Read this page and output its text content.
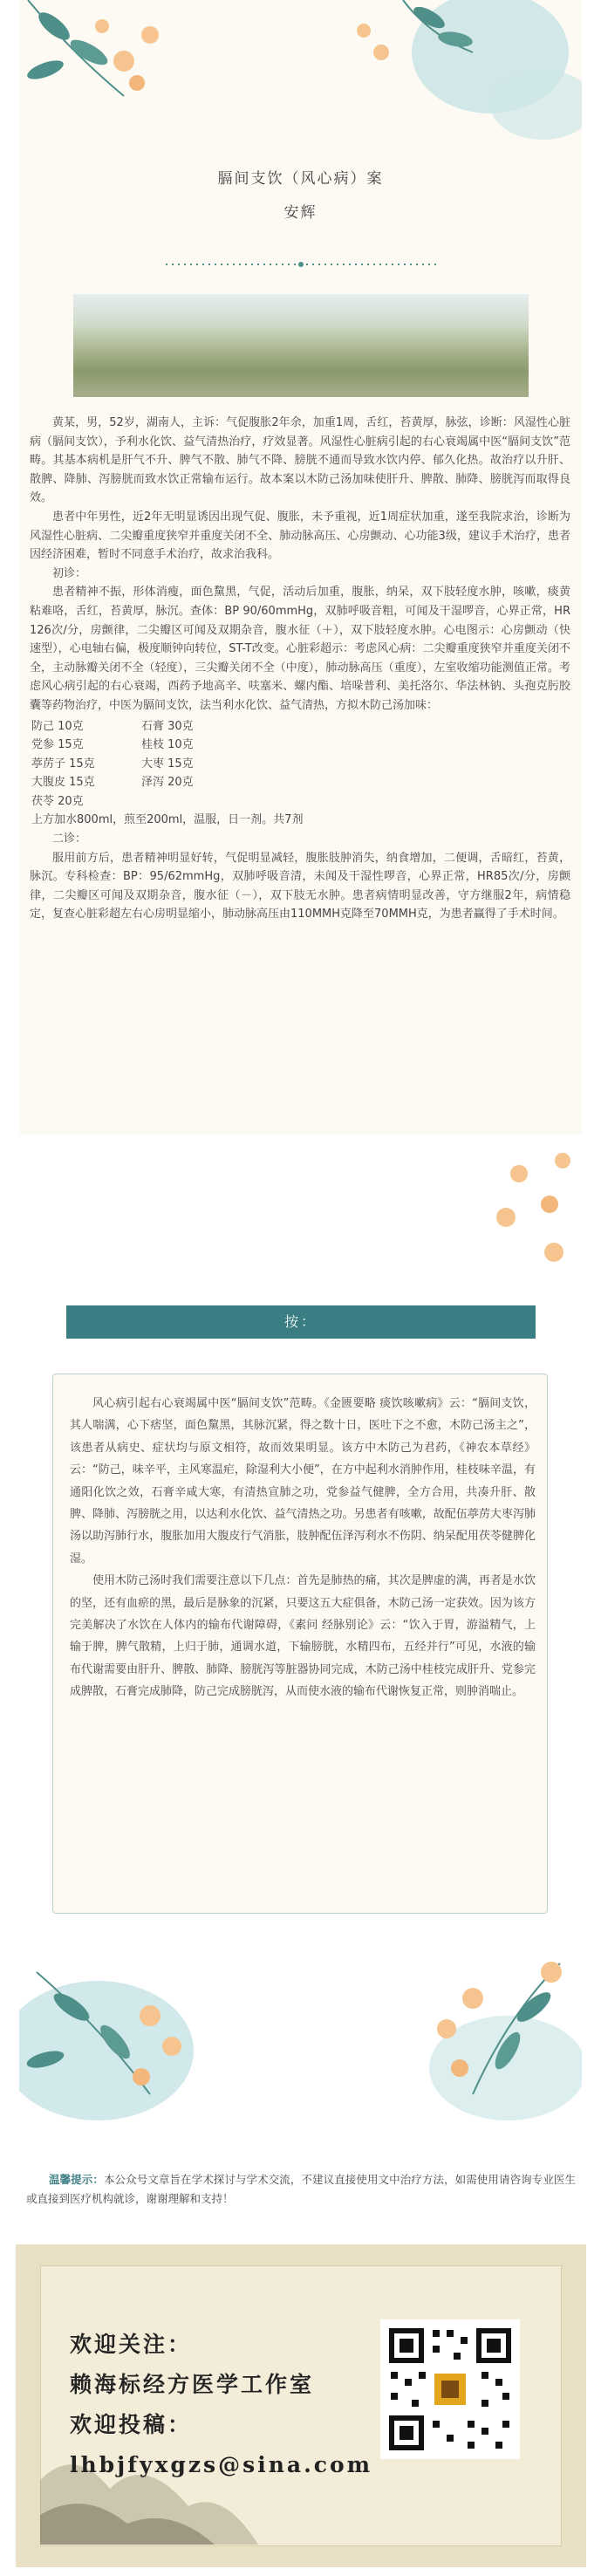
膈间支饮（风心病）案
安辉

黄某，男，52岁，湖南人，主诉：气促腹胀2年余，加重1周，舌红，苔黄厚，脉弦，诊断：风湿性心脏病（膈间支饮），予利水化饮、益气清热治疗，疗效显著。风湿性心脏病引起的右心衰竭属中医“膈间支饮”范畴。其基本病机是肝气不升、脾气不散、肺气不降、膀胱不通而导致水饮内停、郁久化热。故治疗以升肝、散脾、降肺、泻膀胱而致水饮正常输布运行。故本案以木防己汤加味使肝升、脾散、肺降、膀胱泻而取得良效。

患者中年男性，近2年无明显诱因出现气促、腹胀，未予重视，近1周症状加重，遂至我院求治，诊断为风湿性心脏病、二尖瓣重度狭窄并重度关闭不全、肺动脉高压、心房颤动、心功能3级，建议手术治疗，患者因经济困难，暂时不同意手术治疗，故求治我科。

初诊：

患者精神不振，形体消瘦，面色黧黑，气促，活动后加重，腹胀，纳呆，双下肢轻度水肿，咳嗽，痰黄粘难咯，舌红，苔黄厚，脉沉。查体：BP 90/60mmHg，双肺呼吸音粗，可闻及干湿啰音，心界正常，HR 126次/分，房颤律，二尖瓣区可闻及双期杂音，腹水征（＋），双下肢轻度水肿。心电图示：心房颤动（快速型），心电轴右偏，极度顺钟向转位，ST-T改变。心脏彩超示：考虑风心病：二尖瓣重度狭窄并重度关闭不全，主动脉瓣关闭不全（轻度），三尖瓣关闭不全（中度），肺动脉高压（重度），左室收缩功能测值正常。考虑风心病引起的右心衰竭，西药予地高辛、呋塞米、螺内酯、培哚普利、美托洛尔、华法林钠、头孢克肟胶囊等药物治疗，中医为膈间支饮，法当利水化饮、益气清热，方拟木防己汤加味：

防己 10克	石膏 30克
党参 15克	桂枝 10克
葶苈子 15克	大枣 15克
大腹皮 15克	泽泻 20克
茯苓 20克

上方加水800ml，煎至200ml，温服，日一剂。共7剂

二诊：

服用前方后，患者精神明显好转，气促明显减轻，腹胀肢肿消失，纳食增加，二便调，舌暗红，苔黄，脉沉。专科检查：BP：95/62mmHg，双肺呼吸音清，未闻及干湿性啰音，心界正常，HR85次/分，房颤律，二尖瓣区可闻及双期杂音，腹水征（－），双下肢无水肿。患者病情明显改善，守方继服2年，病情稳定，复查心脏彩超左右心房明显缩小，肺动脉高压由110MMH克降至70MMH克，为患者赢得了手术时间。

按：

风心病引起右心衰竭属中医“膈间支饮”范畴。《金匮要略 痰饮咳嗽病》云：“膈间支饮，其人喘满，心下痞坚，面色黧黑，其脉沉紧，得之数十日，医吐下之不愈，木防己汤主之”，该患者从病史、症状均与原文相符，故而效果明显。该方中木防己为君药，《神农本草经》云：“防己，味辛平，主风寒温疟，除湿利大小便”，在方中起利水消肿作用，桂枝味辛温，有通阳化饮之效，石膏辛咸大寒，有清热宣肺之功，党参益气健脾，全方合用，共凑升肝、散脾、降肺、泻膀胱之用，以达利水化饮、益气清热之功。另患者有咳嗽，故配伍葶苈大枣泻肺汤以助泻肺行水，腹胀加用大腹皮行气消胀，肢肿配伍泽泻利水不伤阴、纳呆配用茯苓健脾化湿。

使用木防己汤时我们需要注意以下几点：首先是肺热的痛，其次是脾虚的满，再者是水饮的坚，还有血瘀的黑，最后是脉象的沉紧，只要这五大症俱备，木防己汤一定获效。因为该方完美解决了水饮在人体内的输布代谢障碍，《素问 经脉别论》云：“饮入于胃，游溢精气，上输于脾，脾气散精，上归于肺，通调水道，下输膀胱，水精四布，五经并行”可见，水液的输布代谢需要由肝升、脾散、肺降、膀胱泻等脏器协同完成，木防己汤中桂枝完成肝升、党参完成脾散，石膏完成肺降，防己完成膀胱泻，从而使水液的输布代谢恢复正常，则肿消喘止。

温馨提示：本公众号文章旨在学术探讨与学术交流，不建议直接使用文中治疗方法，如需使用请咨询专业医生或直接到医疗机构就诊，谢谢理解和支持！
欢迎关注：
赖海标经方医学工作室
欢迎投稿：
lhbjfyxgzs@sina.com
